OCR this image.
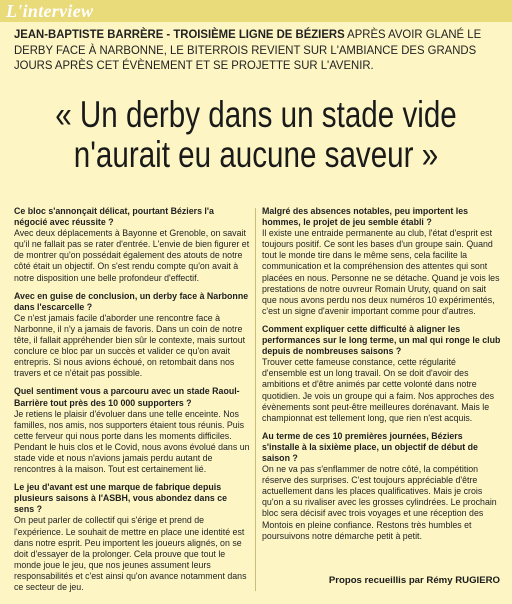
L'interview
JEAN-BAPTISTE BARRÈRE - TROISIÈME LIGNE DE BÉZIERS APRÈS AVOIR GLANÉ LE DERBY FACE À NARBONNE, LE BITERROIS REVIENT SUR L'AMBIANCE DES GRANDS JOURS APRÈS CET ÉVÈNEMENT ET SE PROJETTE SUR L'AVENIR.
« Un derby dans un stade vide
n'aurait eu aucune saveur »

Ce bloc s'annonçait délicat, pourtant Béziers l'a négocié avec réussite ?

Avec deux déplacements à Bayonne et Grenoble, on savait qu'il ne fallait pas se rater d'entrée. L'envie de bien figurer et de montrer qu'on possédait également des atouts de notre côté était un objectif. On s'est rendu compte qu'on avait à notre disposition une belle profondeur d'effectif.

Avec en guise de conclusion, un derby face à Narbonne dans l'escarcelle ?

Ce n'est jamais facile d'aborder une rencontre face à Narbonne, il n'y a jamais de favoris. Dans un coin de notre tête, il fallait appréhender bien sûr le contexte, mais surtout conclure ce bloc par un succès et valider ce qu'on avait entrepris. Si nous avions échoué, on retombait dans nos travers et ce n'était pas possible.

Quel sentiment vous a parcouru avec un stade Raoul-Barrière tout près des 10 000 supporters ?

Je retiens le plaisir d'évoluer dans une telle enceinte. Nos familles, nos amis, nos supporters étaient tous réunis. Puis cette ferveur qui nous porte dans les moments difficiles. Pendant le huis clos et le Covid, nous avons évolué dans un stade vide et nous n'avions jamais perdu autant de rencontres à la maison. Tout est certainement lié.

Le jeu d'avant est une marque de fabrique depuis plusieurs saisons à l'ASBH, vous abondez dans ce sens ?

On peut parler de collectif qui s'érige et prend de l'expérience. Le souhait de mettre en place une identité est dans notre esprit. Peu importent les joueurs alignés, on se doit d'essayer de la prolonger. Cela prouve que tout le monde joue le jeu, que nos jeunes assument leurs responsabilités et c'est ainsi qu'on avance notamment dans ce secteur de jeu.

Malgré des absences notables, peu importent les hommes, le projet de jeu semble établi ?

Il existe une entraide permanente au club, l'état d'esprit est toujours positif. Ce sont les bases d'un groupe sain. Quand tout le monde tire dans le même sens, cela facilite la communication et la compréhension des attentes qui sont placées en nous. Personne ne se détache. Quand je vois les prestations de notre ouvreur Romain Uruty, quand on sait que nous avons perdu nos deux numéros 10 expérimentés, c'est un signe d'avenir important comme pour d'autres.

Comment expliquer cette difficulté à aligner les performances sur le long terme, un mal qui ronge le club depuis de nombreuses saisons ?

Trouver cette fameuse constance, cette régularité d'ensemble est un long travail. On se doit d'avoir des ambitions et d'être animés par cette volonté dans notre quotidien. Je vois un groupe qui a faim. Nos approches des évènements sont peut-être meilleures dorénavant. Mais le championnat est tellement long, que rien n'est acquis.

Au terme de ces 10 premières journées, Béziers s'installe à la sixième place, un objectif de début de saison ?

On ne va pas s'enflammer de notre côté, la compétition réserve des surprises. C'est toujours appréciable d'être actuellement dans les places qualificatives. Mais je crois qu'on a su rivaliser avec les grosses cylindrées. Le prochain bloc sera décisif avec trois voyages et une réception des Montois en pleine confiance. Restons très humbles et poursuivons notre démarche petit à petit.

Propos recueillis par Rémy RUGIERO
